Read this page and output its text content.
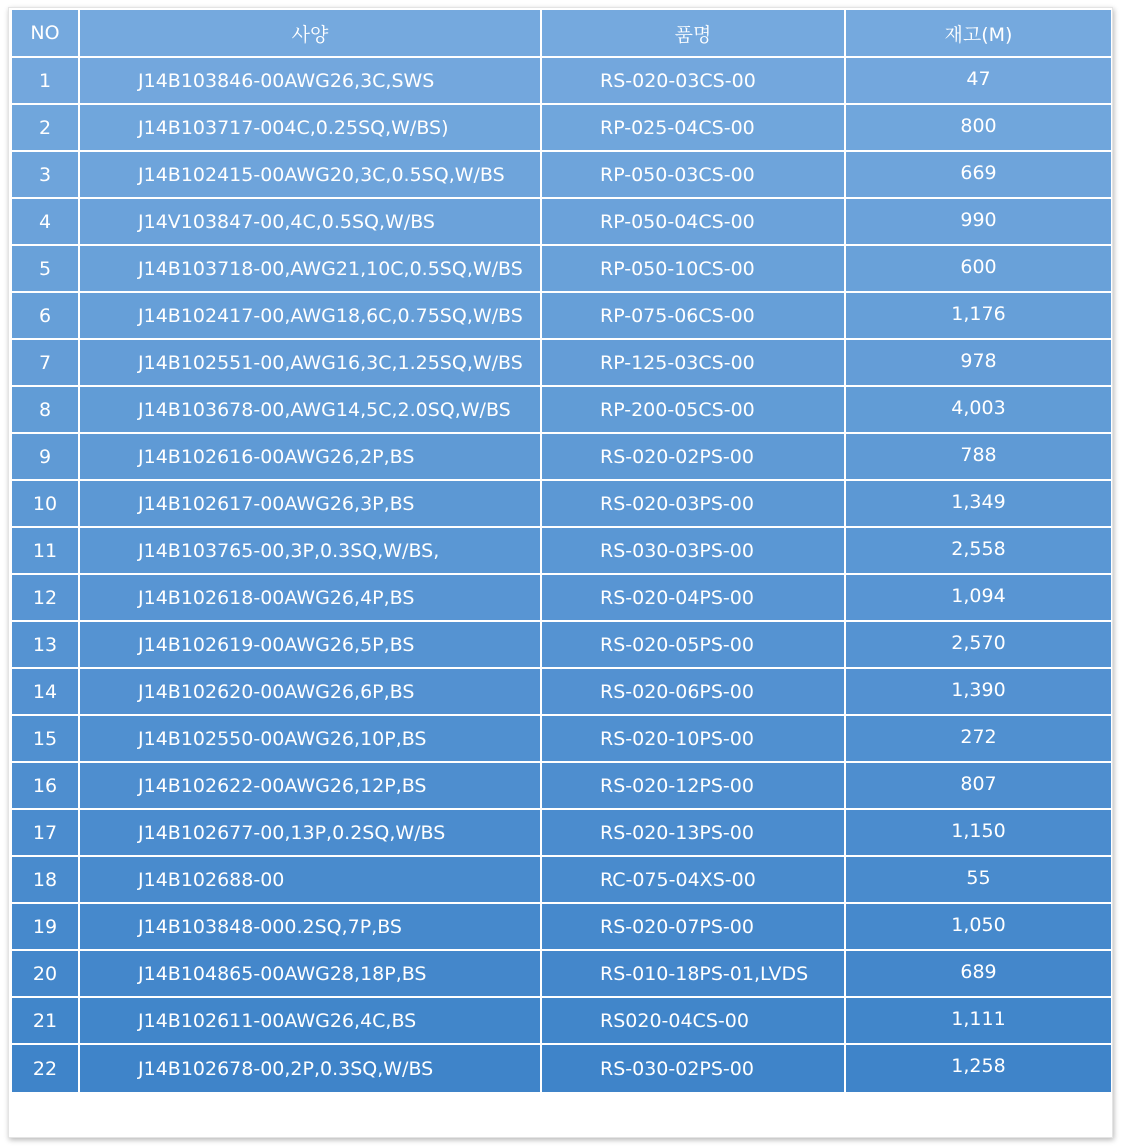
NO	사양	품명	재고(M)
1	J14B103846-00AWG26,3C,SWS	RS-020-03CS-00	47
2	J14B103717-004C,0.25SQ,W/BS)	RP-025-04CS-00	800
3	J14B102415-00AWG20,3C,0.5SQ,W/BS	RP-050-03CS-00	669
4	J14V103847-00,4C,0.5SQ,W/BS	RP-050-04CS-00	990
5	J14B103718-00,AWG21,10C,0.5SQ,W/BS	RP-050-10CS-00	600
6	J14B102417-00,AWG18,6C,0.75SQ,W/BS	RP-075-06CS-00	1,176
7	J14B102551-00,AWG16,3C,1.25SQ,W/BS	RP-125-03CS-00	978
8	J14B103678-00,AWG14,5C,2.0SQ,W/BS	RP-200-05CS-00	4,003
9	J14B102616-00AWG26,2P,BS	RS-020-02PS-00	788
10	J14B102617-00AWG26,3P,BS	RS-020-03PS-00	1,349
11	J14B103765-00,3P,0.3SQ,W/BS,	RS-030-03PS-00	2,558
12	J14B102618-00AWG26,4P,BS	RS-020-04PS-00	1,094
13	J14B102619-00AWG26,5P,BS	RS-020-05PS-00	2,570
14	J14B102620-00AWG26,6P,BS	RS-020-06PS-00	1,390
15	J14B102550-00AWG26,10P,BS	RS-020-10PS-00	272
16	J14B102622-00AWG26,12P,BS	RS-020-12PS-00	807
17	J14B102677-00,13P,0.2SQ,W/BS	RS-020-13PS-00	1,150
18	J14B102688-00	RC-075-04XS-00	55
19	J14B103848-000.2SQ,7P,BS	RS-020-07PS-00	1,050
20	J14B104865-00AWG28,18P,BS	RS-010-18PS-01,LVDS	689
21	J14B102611-00AWG26,4C,BS	RS020-04CS-00	1,111
22	J14B102678-00,2P,0.3SQ,W/BS	RS-030-02PS-00	1,258
